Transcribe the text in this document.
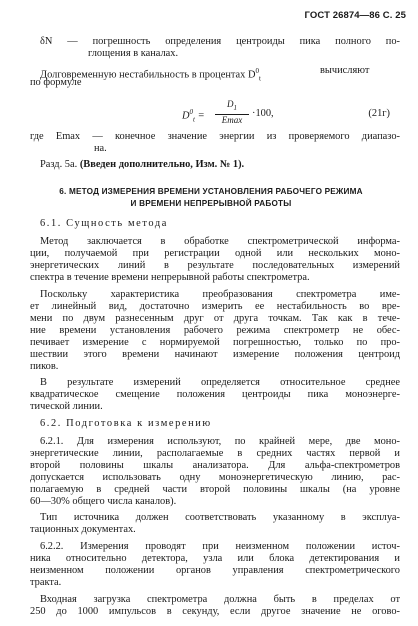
ГОСТ 26874—86 С. 25
δN — погрешность определения центроиды пика полного по-
глощения в каналах.
Долговременную нестабильность в процентах $D^0_t$
вычисляют
по формуле
$D^0_t$ =
$D_1$
Emax
·100,	(21г)
где Emax — конечное значение энергии из проверяемого диапазо-
на.
Разд. 5а. (Введен дополнительно, Изм. № 1).
6. МЕТОД ИЗМЕРЕНИЯ ВРЕМЕНИ УСТАНОВЛЕНИЯ РАБОЧЕГО РЕЖИМА
И ВРЕМЕНИ НЕПРЕРЫВНОЙ РАБОТЫ
6.1. Сущность метода
Метод заключается в обработке спектрометрической информа-
ции, получаемой при регистрации одной или нескольких моно-
энергетических линий в результате последовательных измерений
спектра в течение времени непрерывной работы спектрометра.
Поскольку характеристика преобразования спектрометра име-
ет линейный вид, достаточно измерить ее нестабильность во вре-
мени по двум разнесенным друг от друга точкам. Так как в тече-
ние времени установления рабочего режима спектрометр не обес-
печивает измерение с нормируемой погрешностью, только по про-
шествии этого времени начинают измерение положения центроид
пиков.
В результате измерений определяется относительное среднее
квадратическое смещение положения центроиды пика моноэнерге-
тической линии.
6.2. Подготовка к измерению
6.2.1. Для измерения используют, по крайней мере, две моно-
энергетические линии, располагаемые в средних частях первой и
второй половины шкалы анализатора. Для альфа-спектрометров
допускается использовать одну моноэнергетическую линию, рас-
полагаемую в средней части второй половины шкалы (на уровне
60—30% общего числа каналов).
Тип источника должен соответствовать указанному в эксплуа-
тационных документах.
6.2.2. Измерения проводят при неизменном положении источ-
ника относительно детектора, узла или блока детектирования и
неизменном положении органов управления спектрометрического
тракта.
Входная загрузка спектрометра должна быть в пределах от
250 до 1000 импульсов в секунду, если другое значение не огово-
